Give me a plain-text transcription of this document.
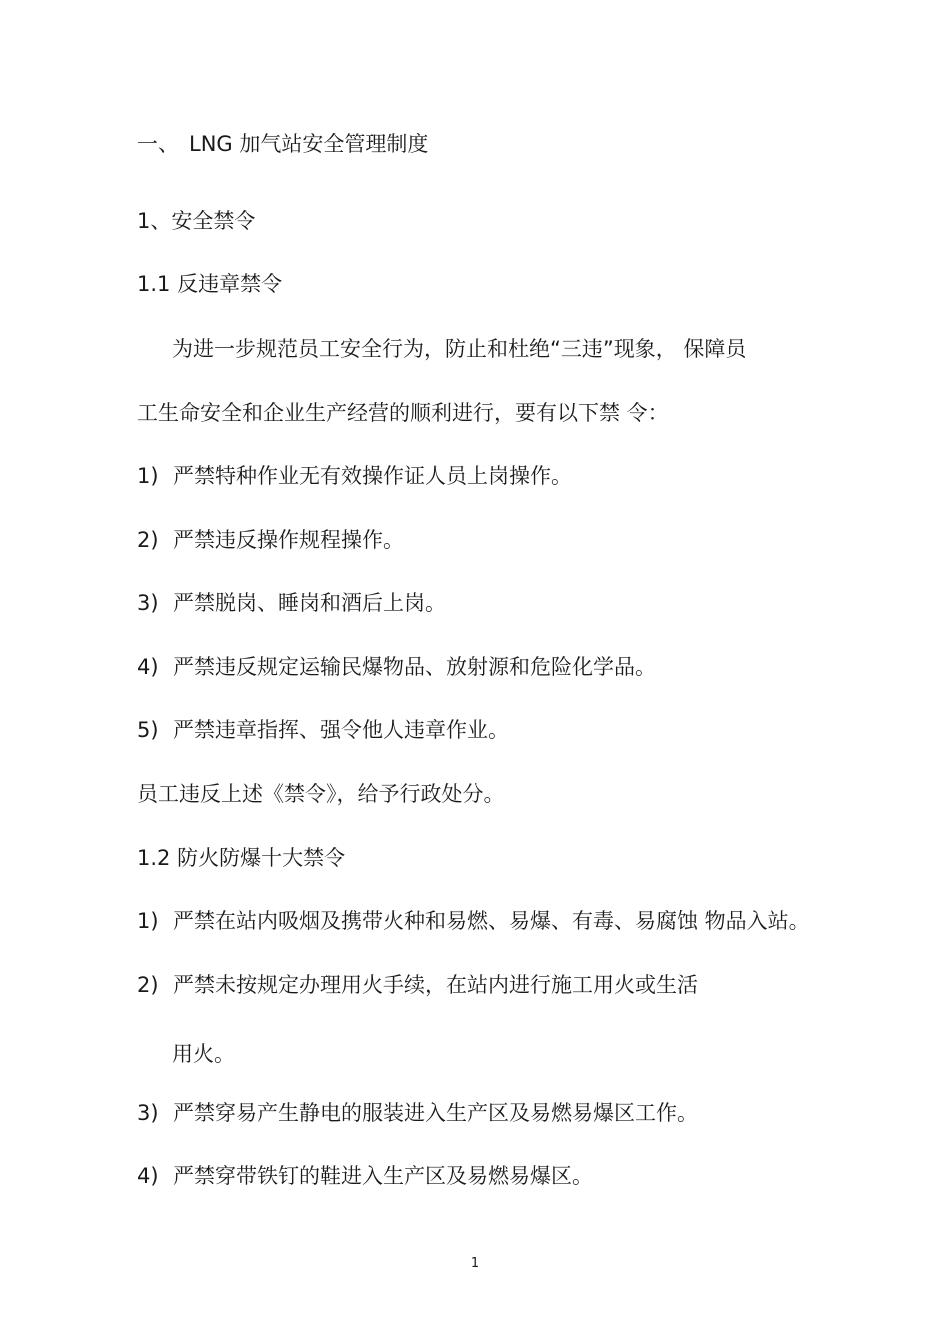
一、 LNG 加气站安全管理制度
1、安全禁令
1.1 反违章禁令
为进一步规范员工安全行为，防止和杜绝“三违”现象， 保障员
工生命安全和企业生产经营的顺利进行，要有以下禁 令：
1) 严禁特种作业无有效操作证人员上岗操作。
2) 严禁违反操作规程操作。
3) 严禁脱岗、睡岗和酒后上岗。
4) 严禁违反规定运输民爆物品、放射源和危险化学品。
5) 严禁违章指挥、强令他人违章作业。
员工违反上述《禁令》，给予行政处分。
1.2 防火防爆十大禁令
1) 严禁在站内吸烟及携带火种和易燃、易爆、有毒、易腐蚀 物品入站。
2) 严禁未按规定办理用火手续，在站内进行施工用火或生活
用火。
3) 严禁穿易产生静电的服装进入生产区及易燃易爆区工作。
4) 严禁穿带铁钉的鞋进入生产区及易燃易爆区。
1
